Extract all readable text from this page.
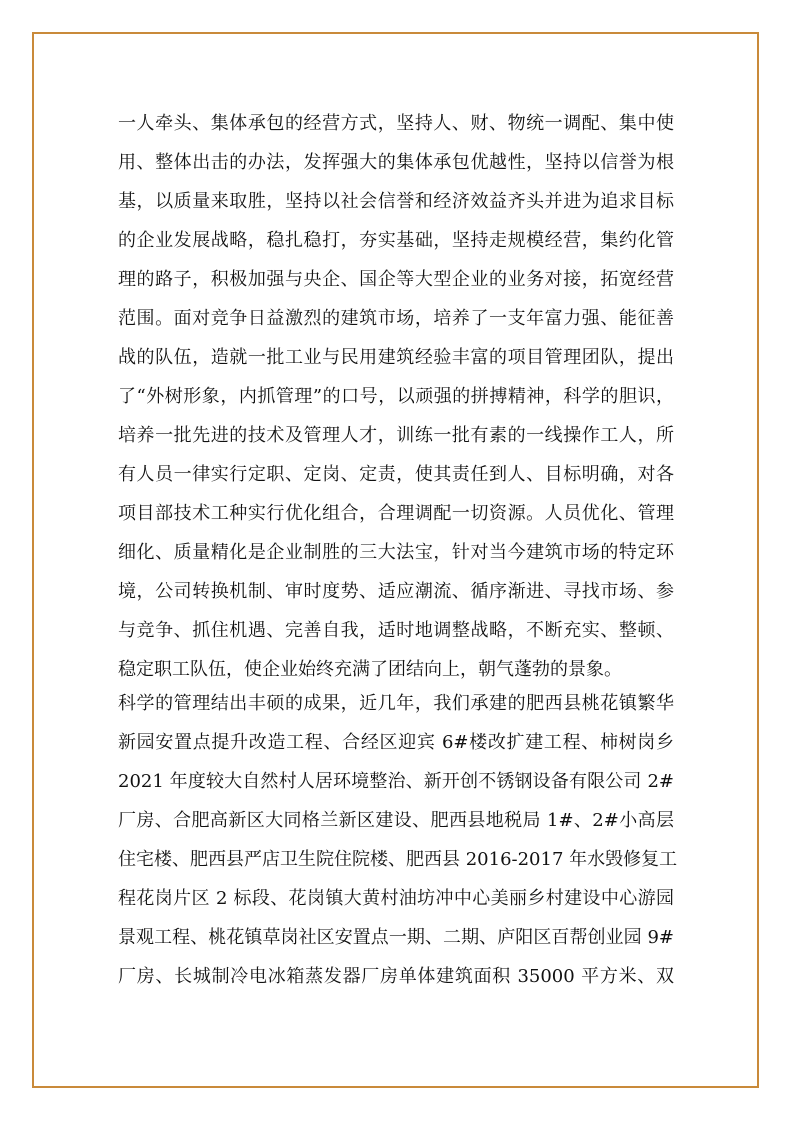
一人牵头、集体承包的经营方式，坚持人、财、物统一调配、集中使
用、整体出击的办法，发挥强大的集体承包优越性，坚持以信誉为根
基，以质量来取胜，坚持以社会信誉和经济效益齐头并进为追求目标
的企业发展战略，稳扎稳打，夯实基础，坚持走规模经营，集约化管
理的路子，积极加强与央企、国企等大型企业的业务对接，拓宽经营
范围。面对竞争日益激烈的建筑市场，培养了一支年富力强、能征善
战的队伍，造就一批工业与民用建筑经验丰富的项目管理团队，提出
了“外树形象，内抓管理”的口号，以顽强的拼搏精神，科学的胆识，
培养一批先进的技术及管理人才，训练一批有素的一线操作工人，所
有人员一律实行定职、定岗、定责，使其责任到人、目标明确，对各
项目部技术工种实行优化组合，合理调配一切资源。人员优化、管理
细化、质量精化是企业制胜的三大法宝，针对当今建筑市场的特定环
境，公司转换机制、审时度势、适应潮流、循序渐进、寻找市场、参
与竞争、抓住机遇、完善自我，适时地调整战略，不断充实、整顿、
稳定职工队伍，使企业始终充满了团结向上，朝气蓬勃的景象。
科学的管理结出丰硕的成果，近几年，我们承建的肥西县桃花镇繁华
新园安置点提升改造工程、合经区迎宾 6#楼改扩建工程、柿树岗乡
2021 年度较大自然村人居环境整治、新开创不锈钢设备有限公司 2#
厂房、合肥高新区大同格兰新区建设、肥西县地税局 1#、2#小高层
住宅楼、肥西县严店卫生院住院楼、肥西县 2016-2017 年水毁修复工
程花岗片区 2 标段、花岗镇大黄村油坊冲中心美丽乡村建设中心游园
景观工程、桃花镇草岗社区安置点一期、二期、庐阳区百帮创业园 9#
厂房、长城制冷电冰箱蒸发器厂房单体建筑面积 35000 平方米、双
